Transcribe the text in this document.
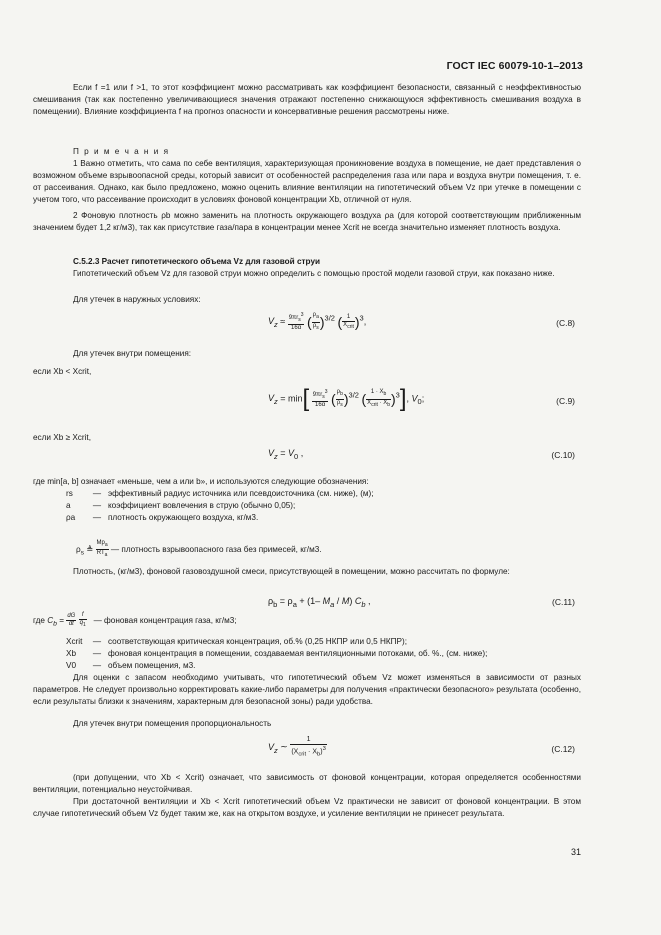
ГОСТ IEC 60079-10-1–2013

Если f =1 или f >1, то этот коэффициент можно рассматривать как коэффициент безопасности, связанный с неэффективностью смешивания (так как постепенно увеличивающиеся значения отражают постепенно снижающуюся эффективность смешивания воздуха в помещении). Влияние коэффициента f на прогноз опасности и консервативные решения рассмотрены ниже.

П р и м е ч а н и я

1 Важно отметить, что сама по себе вентиляция, характеризующая проникновение воздуха в помещение, не дает представления о возможном объеме взрывоопасной среды, который зависит от особенностей распределения газа или пара и воздуха внутри помещения, т. е. от рассеивания. Однако, как было предложено, можно оценить влияние вентиляции на гипотетический объем Vz при утечке в помещении с учетом того, что рассеивание происходит в условиях фоновой концентрации Xb, отличной от нуля.

2 Фоновую плотность ρb можно заменить на плотность окружающего воздуха ρa (для которой соответствующим приближенным значением будет 1,2 кг/м3), так как присутствие газа/пара в концентрации менее Xcrit не всегда значительно изменяет плотность воздуха.

С.5.2.3 Расчет гипотетического объема Vz для газовой струи

Гипотетический объем Vz для газовой струи можно определить с помощью простой модели газовой струи, как показано ниже.

Для утечек в наружных условиях:

$V_z \approx \frac{9\pi r_s^3}{16\alpha}$ ( $\frac{\rho_a}{\rho_s} )^{3/2}$ ( $\frac{1}{X_{crit}} )^3$,	(С.8)

Для утечек внутри помещения:

если Xb < Xcrit,

$V_z = \min[ \frac{9\pi r_s^3}{16\alpha}$ ( $\frac{\rho_b}{\rho_s} )^{3/2}$ ( $\frac{1 \cdot X_b}{X_{crit} \cdot X_b} )^3$], $V_0$;	(С.9)

если Xb ≥ Xcrit,

$V_z = V_0$ ,	(С.10)

где min[a, b] означает «меньше, чем a или b», и используются следующие обозначения:

rs — эффективный радиус источника или псевдоисточника (см. ниже), (м);
a	— коэффициент вовлечения в струю (обычно 0,05);
ρa — плотность окружающего воздуха, кг/м3.
$\rho_s$ ≜ $\frac{Mp_a}{RT_a}$ — плотность взрывоопасного газа без примесей, кг/м3.

Плотность, (кг/м3), фоновой газовоздушной смеси, присутствующей в помещении, можно рассчитать по формуле:

$\rho_b = \rho_a + (1-$ $M_a / M$) $C_b$ ,	(С.11)
где $C_b = \frac{dG}{dt}$
$\frac{f}{q_1}$ — фоновая концентрация газа, кг/м3;
Xcrit — соответствующая критическая концентрация, об.% (0,25 НКПР или 0,5 НКПР);
Xb — фоновая концентрация в помещении, создаваемая вентиляционными потоками, об. %., (см. ниже);
V0 — объем помещения, м3.

Для оценки с запасом необходимо учитывать, что гипотетический объем Vz может изменяться в зависимости от разных параметров. Не следует произвольно корректировать какие-либо параметры для получения «практически безопасного» результата (особенно, если результаты близки к значениям, характерным для безопасной зоны) ради удобства.

Для утечек внутри помещения пропорциональность

$V_z$ ∼ $\frac{1}{(X_{crit} \cdot X_b)^3}$	(С.12)

(при допущении, что Xb < Xcrit) означает, что зависимость от фоновой концентрации, которая определяется особенностями вентиляции, потенциально неустойчивая.

При достаточной вентиляции и Xb < Xcrit гипотетический объем Vz практически не зависит от фоновой концентрации. В этом случае гипотетический объем Vz будет таким же, как на открытом воздухе, и усиление вентиляции не принесет результата.

31
